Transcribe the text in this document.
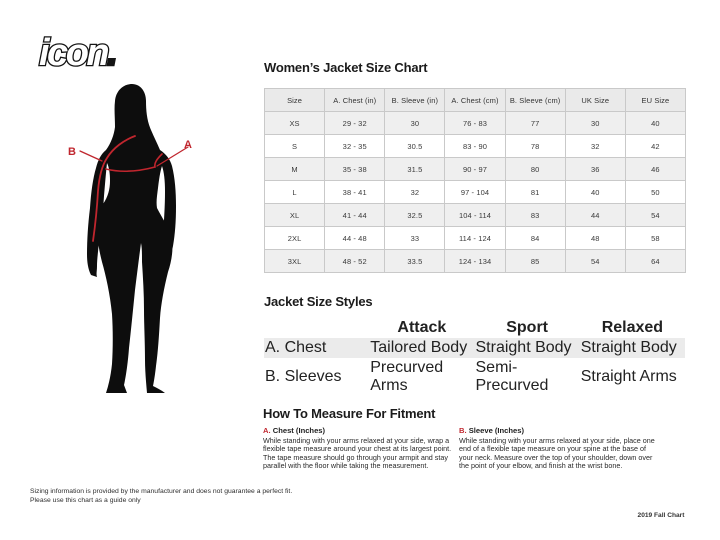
icon.
A
B
Women’s Jacket Size Chart
Size	A. Chest (in)	B. Sleeve (in)	A. Chest (cm)	B. Sleeve (cm)	UK Size	EU Size
XS	29 - 32	30	76 - 83	77	30	40
S	32 - 35	30.5	83 - 90	78	32	42
M	35 - 38	31.5	90 - 97	80	36	46
L	38 - 41	32	97 - 104	81	40	50
XL	41 - 44	32.5	104 - 114	83	44	54
2XL	44 - 48	33	114 - 124	84	48	58
3XL	48 - 52	33.5	124 - 134	85	54	64
Jacket Size Styles
	Attack	Sport	Relaxed
A. Chest	Tailored Body	Straight Body	Straight Body
B. Sleeves	Precurved Arms	Semi-Precurved	Straight Arms
How To Measure For Fitment
A. Chest (Inches)
While standing with your arms relaxed at your side, wrap a flexible tape measure around your chest at its largest point. The tape measure should go through your armpit and stay parallel with the floor while taking the measurement.
B. Sleeve (Inches)
While standing with your arms relaxed at your side, place one end of a flexible tape measure on your spine at the base of your neck. Measure over the top of your shoulder, down over the point of your elbow, and finish at the wrist bone.
Sizing information is provided by the manufacturer and does not guarantee a perfect fit.
Please use this chart as a guide only
2019 Fall Chart
